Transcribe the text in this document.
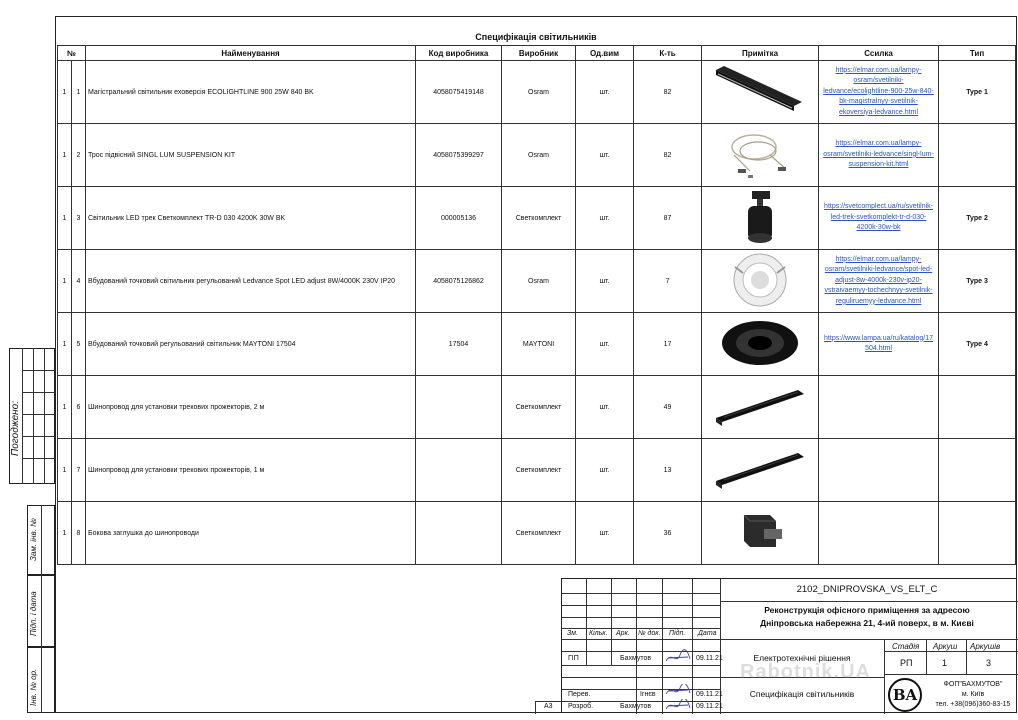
Специфікація світильників
№		Найменування	Код виробника	Виробник	Од.вим	К-ть	Примітка	Ссилка	Тип
1	1	Магістральний світильник еховерсія ECOLIGHTLINE 900 25W 840 BK	4058075419148	Osram	шт.	82		https://elmar.com.ua/lampy-
osram/svetilniki-
ledvance/ecolightline-900-25w-840-
bk-magistralnyy-svetilnik-
ekoversiya-ledvance.html	Type 1
1	2	Трос підвісний SINGL LUM SUSPENSION KIT	4058075399297	Osram	шт.	82		https://elmar.com.ua/lampy-
osram/svetilniki-ledvance/singl-lum-
suspension-kit.html	

1	3	Світильник LED трек Светкомплект TR-D 030 4200K 30W BK	000005136	Светкомплект	шт.	87		https://svetcomplect.ua/ru/svetilnik-
led-trek-svetkomplekt-tr-d-030-
4200k-30w-bk	Type 2
1	4	Вбудований точковий світильник регульований Ledvance Spot LED adjust 8W/4000K 230V IP20	4058075126862	Osram	шт.	7		https://elmar.com.ua/lampy-
osram/svetilniki-ledvance/spot-led-
adjust-8w-4000k-230v-ip20-
vstraivaemyy-tochechnyy-svetilnik-
reguliruemyy-ledvance.html	Type 3
1	5	Вбудований точковий регульований світильник MAYTONI 17504	17504	MAYTONI	шт.	17		https://www.lampa.ua/ru/katalog/17
504.html	Type 4
1	6	Шинопровод для установки трекових прожекторів, 2 м		Светкомплект	шт.	49	

1	7	Шинопровод для установки трекових прожекторів, 1 м		Светкомплект	шт.	13	

1	8	Бокова заглушка до шинопроводи		Светкомплект	шт.	36	

Погоджено:
Зам. інв. №
Підп. і дата
Інв. № ор.
Зм. Кільк. Арк. № док. Підп. Дата
ГІП	Бахмутов	09.11.21
Перев.	Ігнєв	09.11.21
А3 Розроб.	Бахмутов	09.11.21
Стадія Аркуш Аркушів
РП	1	3
Електротехнічні рішення
Специфікація світильників
Rabotnik.UA
BA
ФОП"БАХМУТОВ"
м. Київ
тел. +38(096)360-83-15
2102_DNIPROVSKA_VS_ELT_C
Реконструкція офісного приміщення за адресою
Дніпровська набережна 21, 4-ий поверх, в м. Києві
